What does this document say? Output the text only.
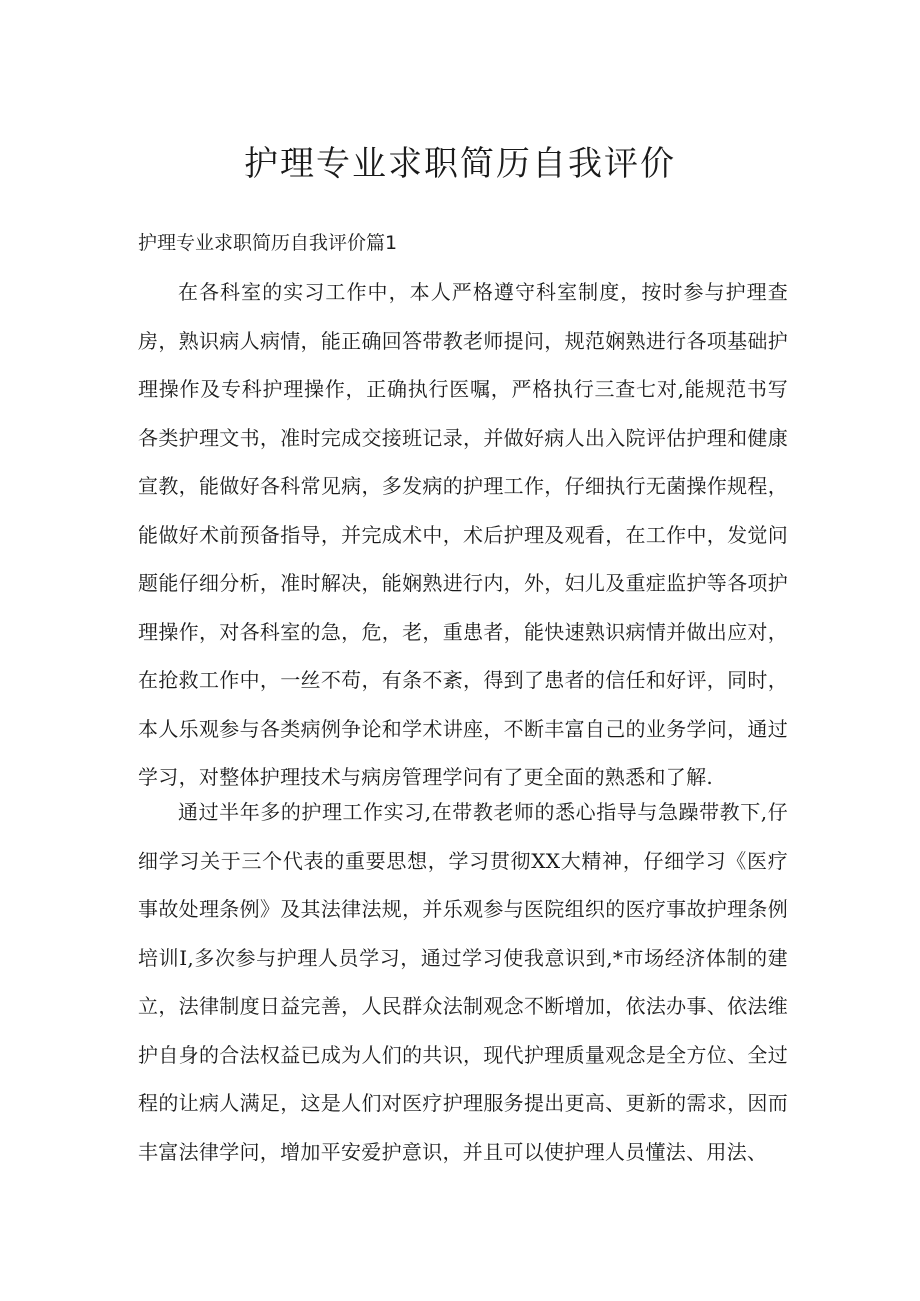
护理专业求职简历自我评价

护理专业求职简历自我评价篇1

在各科室的实习工作中，本人严格遵守科室制度，按时参与护理查房，熟识病人病情，能正确回答带教老师提问，规范娴熟进行各项基础护理操作及专科护理操作，正确执行医嘱，严格执行三查七对,能规范书写各类护理文书，准时完成交接班记录，并做好病人出入院评估护理和健康宣教，能做好各科常见病，多发病的护理工作，仔细执行无菌操作规程，能做好术前预备指导，并完成术中，术后护理及观看，在工作中，发觉问题能仔细分析，准时解决，能娴熟进行内，外，妇儿及重症监护等各项护理操作，对各科室的急，危，老，重患者，能快速熟识病情并做出应对，在抢救工作中，一丝不苟，有条不紊，得到了患者的信任和好评，同时，本人乐观参与各类病例争论和学术讲座，不断丰富自己的业务学问，通过学习，对整体护理技术与病房管理学问有了更全面的熟悉和了解.

通过半年多的护理工作实习,在带教老师的悉心指导与急躁带教下,仔细学习关于三个代表的重要思想，学习贯彻XX大精神，仔细学习《医疗事故处理条例》及其法律法规，并乐观参与医院组织的医疗事故护理条例培训I,多次参与护理人员学习，通过学习使我意识到,*市场经济体制的建立，法律制度日益完善，人民群众法制观念不断增加，依法办事、依法维护自身的合法权益已成为人们的共识，现代护理质量观念是全方位、全过程的让病人满足，这是人们对医疗护理服务提出更高、更新的需求，因而丰富法律学问，增加平安爱护意识，并且可以使护理人员懂法、用法、
